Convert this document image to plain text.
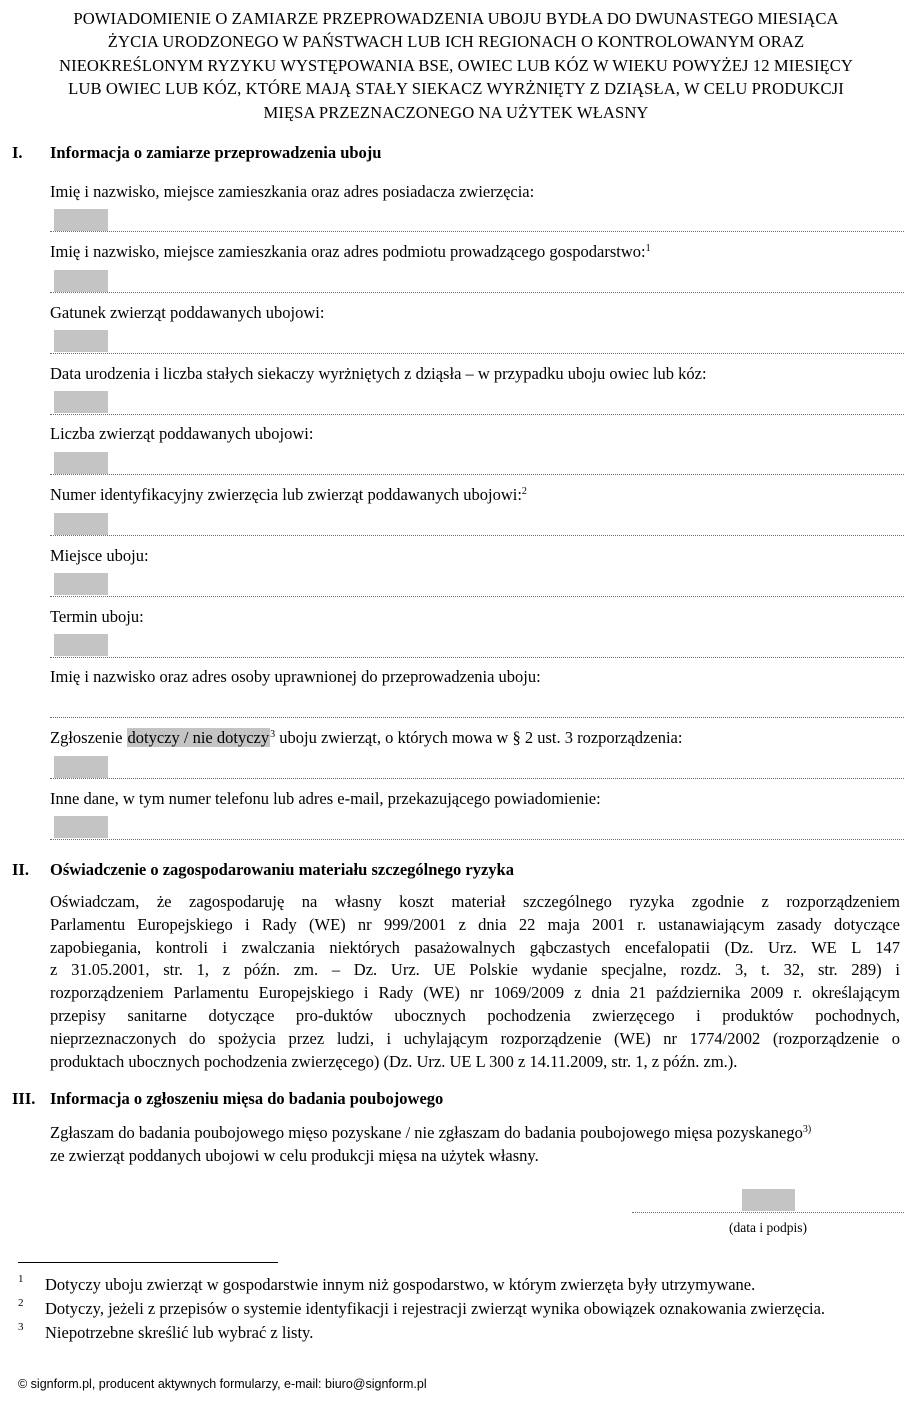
POWIADOMIENIE O ZAMIARZE PRZEPROWADZENIA UBOJU BYDŁA DO DWUNASTEGO MIESIĄCA
ŻYCIA URODZONEGO W PAŃSTWACH LUB ICH REGIONACH O KONTROLOWANYM ORAZ
NIEOKREŚLONYM RYZYKU WYSTĘPOWANIA BSE, OWIEC LUB KÓZ W WIEKU POWYŻEJ 12 MIESIĘCY
LUB OWIEC LUB KÓZ, KTÓRE MAJĄ STAŁY SIEKACZ WYRŻNIĘTY Z DZIĄSŁA, W CELU PRODUKCJI
MIĘSA PRZEZNACZONEGO NA UŻYTEK WŁASNY
I. Informacja o zamiarze przeprowadzenia uboju
Imię i nazwisko, miejsce zamieszkania oraz adres posiadacza zwierzęcia:
Imię i nazwisko, miejsce zamieszkania oraz adres podmiotu prowadzącego gospodarstwo:$^1$
Gatunek zwierząt poddawanych ubojowi:
Data urodzenia i liczba stałych siekaczy wyrżniętych z dziąsła – w przypadku uboju owiec lub kóz:
Liczba zwierząt poddawanych ubojowi:
Numer identyfikacyjny zwierzęcia lub zwierząt poddawanych ubojowi:$^2$
Miejsce uboju:
Termin uboju:
Imię i nazwisko oraz adres osoby uprawnionej do przeprowadzenia uboju:
Zgłoszenie dotyczy / nie dotyczy$^3$ uboju zwierząt, o których mowa w § 2 ust. 3 rozporządzenia:
Inne dane, w tym numer telefonu lub adres e-mail, przekazującego powiadomienie:
II. Oświadczenie o zagospodarowaniu materiału szczególnego ryzyka
Oświadczam, że zagospodaruję na własny koszt materiał szczególnego ryzyka zgodnie z rozporządzeniem
Parlamentu Europejskiego i Rady (WE) nr 999/2001 z dnia 22 maja 2001 r. ustanawiającym zasady dotyczące
zapobiegania, kontroli i zwalczania niektórych pasażowalnych gąbczastych encefalopatii (Dz. Urz. WE L 147
z 31.05.2001, str. 1, z późn. zm. – Dz. Urz. UE Polskie wydanie specjalne, rozdz. 3, t. 32, str. 289) i
rozporządzeniem Parlamentu Europejskiego i Rady (WE) nr 1069/2009 z dnia 21 października 2009 r. określającym
przepisy sanitarne dotyczące pro-duktów ubocznych pochodzenia zwierzęcego i produktów pochodnych,
nieprzeznaczonych do spożycia przez ludzi, i uchylającym rozporządzenie (WE) nr 1774/2002 (rozporządzenie o
produktach ubocznych pochodzenia zwierzęcego) (Dz. Urz. UE L 300 z 14.11.2009, str. 1, z późn. zm.).
III. Informacja o zgłoszeniu mięsa do badania poubojowego
Zgłaszam do badania poubojowego mięso pozyskane / nie zgłaszam do badania poubojowego mięsa pozyskanego$^{3)}$
ze zwierząt poddanych ubojowi w celu produkcji mięsa na użytek własny.
(data i podpis)
1 Dotyczy uboju zwierząt w gospodarstwie innym niż gospodarstwo, w którym zwierzęta były utrzymywane.
2 Dotyczy, jeżeli z przepisów o systemie identyfikacji i rejestracji zwierząt wynika obowiązek oznakowania zwierzęcia.
3 Niepotrzebne skreślić lub wybrać z listy.
© signform.pl, producent aktywnych formularzy, e-mail: biuro@signform.pl
